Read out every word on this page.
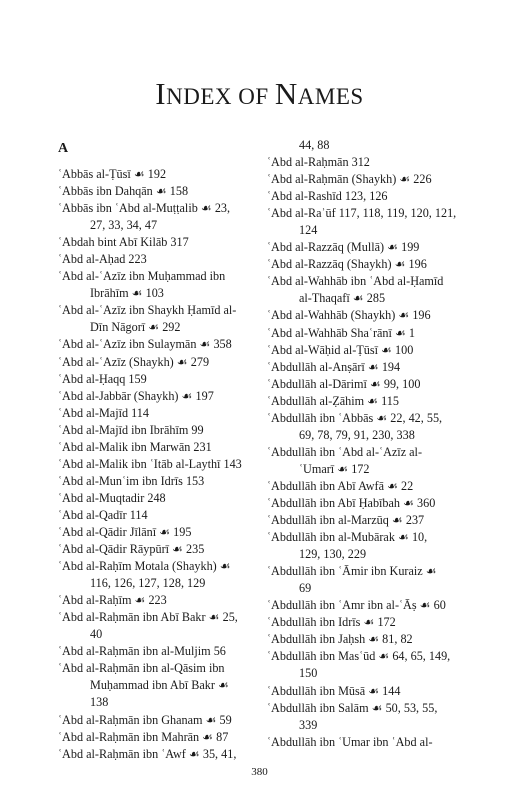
INDEX OF NAMES
A
ʿAbbās al-Ṭūsī ☙ 192
ʿAbbās ibn Dahqān ☙ 158
ʿAbbās ibn ʿAbd al-Muṭṭalib ☙ 23,
27, 33, 34, 47
ʿAbdah bint Abī Kilāb 317
ʿAbd al-Aḥad 223
ʿAbd al-ʿAzīz ibn Muḥammad ibn
Ibrāhīm ☙ 103
ʿAbd al-ʿAzīz ibn Shaykh Ḥamīd al-
Dīn Nāgorī ☙ 292
ʿAbd al-ʿAzīz ibn Sulaymān ☙ 358
ʿAbd al-ʿAzīz (Shaykh) ☙ 279
ʿAbd al-Ḥaqq 159
ʿAbd al-Jabbār (Shaykh) ☙ 197
ʿAbd al-Majīd 114
ʿAbd al-Majīd ibn Ibrāhīm 99
ʿAbd al-Malik ibn Marwān 231
ʿAbd al-Malik ibn ʿItāb al-Laythī 143
ʿAbd al-Munʿim ibn Idrīs 153
ʿAbd al-Muqtadir 248
ʿAbd al-Qadīr 114
ʿAbd al-Qādir Jīlānī ☙ 195
ʿAbd al-Qādir Rāypūrī ☙ 235
ʿAbd al-Raḥīm Motala (Shaykh) ☙
116, 126, 127, 128, 129
ʿAbd al-Raḥīm ☙ 223
ʿAbd al-Raḥmān ibn Abī Bakr ☙ 25,
40
ʿAbd al-Raḥmān ibn al-Muljim 56
ʿAbd al-Raḥmān ibn al-Qāsim ibn
Muḥammad ibn Abī Bakr ☙
138
ʿAbd al-Raḥmān ibn Ghanam ☙ 59
ʿAbd al-Raḥmān ibn Mahrān ☙ 87
ʿAbd al-Raḥmān ibn ʿAwf ☙ 35, 41,
44, 88
ʿAbd al-Raḥmān 312
ʿAbd al-Raḥmān (Shaykh) ☙ 226
ʿAbd al-Rashīd 123, 126
ʿAbd al-Raʾūf 117, 118, 119, 120, 121,
124
ʿAbd al-Razzāq (Mullā) ☙ 199
ʿAbd al-Razzāq (Shaykh) ☙ 196
ʿAbd al-Wahhāb ibn ʿAbd al-Ḥamīd
al-Thaqafī ☙ 285
ʿAbd al-Wahhāb (Shaykh) ☙ 196
ʿAbd al-Wahhāb Shaʿrānī ☙ 1
ʿAbd al-Wāḥid al-Ṭūsī ☙ 100
ʿAbdullāh al-Anṣārī ☙ 194
ʿAbdullāh al-Dārimī ☙ 99, 100
ʿAbdullāh al-Ẓāhim ☙ 115
ʿAbdullāh ibn ʿAbbās ☙ 22, 42, 55,
69, 78, 79, 91, 230, 338
ʿAbdullāh ibn ʿAbd al-ʿAzīz al-
ʿUmarī ☙ 172
ʿAbdullāh ibn Abī Awfā ☙ 22
ʿAbdullāh ibn Abī Ḥabībah ☙ 360
ʿAbdullāh ibn al-Marzūq ☙ 237
ʿAbdullāh ibn al-Mubārak ☙ 10,
129, 130, 229
ʿAbdullāh ibn ʿĀmir ibn Kuraiz ☙
69
ʿAbdullāh ibn ʿAmr ibn al-ʿĀṣ ☙ 60
ʿAbdullāh ibn Idrīs ☙ 172
ʿAbdullāh ibn Jaḥsh ☙ 81, 82
ʿAbdullāh ibn Masʿūd ☙ 64, 65, 149,
150
ʿAbdullāh ibn Mūsā ☙ 144
ʿAbdullāh ibn Salām ☙ 50, 53, 55,
339
ʿAbdullāh ibn ʿUmar ibn ʿAbd al-
380
